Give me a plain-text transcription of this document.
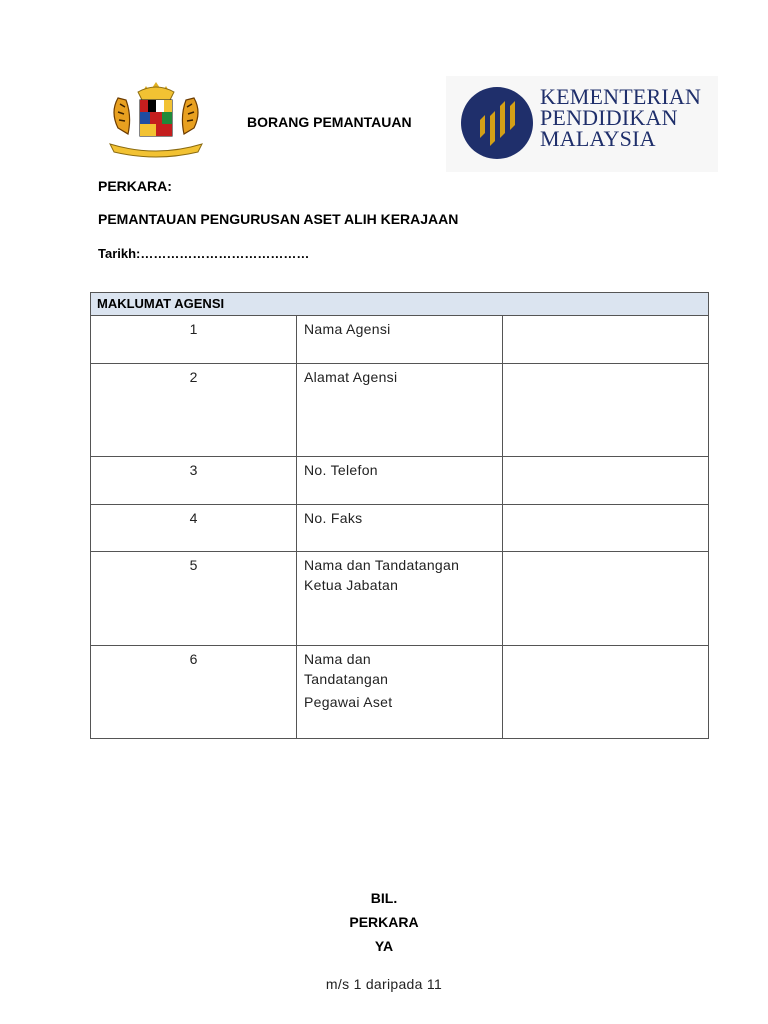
BORANG PEMANTAUAN
KEMENTERIAN
PENDIDIKAN
MALAYSIA
PERKARA:
PEMANTAUAN PENGURUSAN ASET ALIH KERAJAAN
Tarikh:…………………………………
MAKLUMAT AGENSI		
1	Nama Agensi	
2	Alamat Agensi	
3	No. Telefon	
4	No. Faks	
5	Nama dan Tandatangan Ketua Jabatan	
6	Nama dan Tandatangan
Pegawai Aset	

BIL.
PERKARA
YA
m/s 1 daripada 11
